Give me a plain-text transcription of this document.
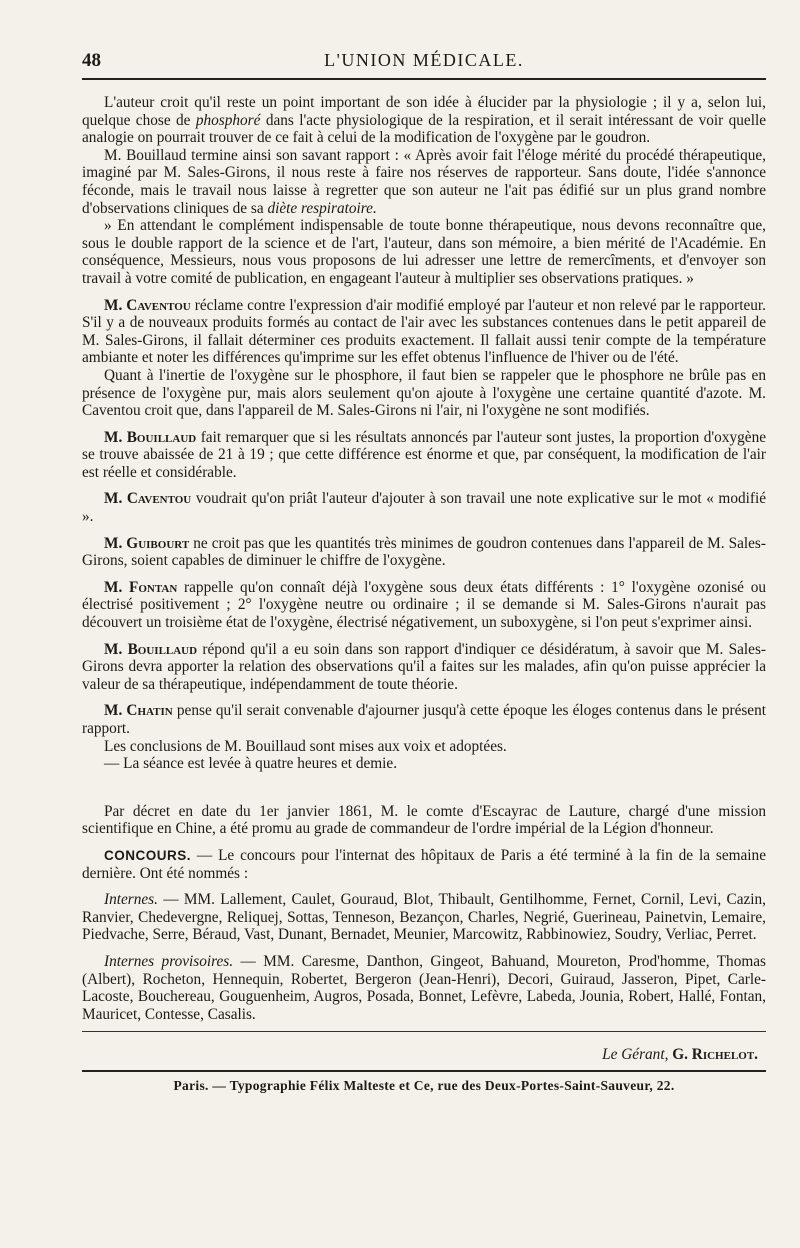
48	L'UNION MÉDICALE.

L'auteur croit qu'il reste un point important de son idée à élucider par la physiologie ; il y a, selon lui, quelque chose de phosphoré dans l'acte physiologique de la respiration, et il serait intéressant de voir quelle analogie on pourrait trouver de ce fait à celui de la modification de l'oxygène par le goudron.

M. Bouillaud termine ainsi son savant rapport : « Après avoir fait l'éloge mérité du procédé thérapeutique, imaginé par M. Sales-Girons, il nous reste à faire nos réserves de rapporteur. Sans doute, l'idée s'annonce féconde, mais le travail nous laisse à regretter que son auteur ne l'ait pas édifié sur un plus grand nombre d'observations cliniques de sa diète respiratoire.

» En attendant le complément indispensable de toute bonne thérapeutique, nous devons reconnaître que, sous le double rapport de la science et de l'art, l'auteur, dans son mémoire, a bien mérité de l'Académie. En conséquence, Messieurs, nous vous proposons de lui adresser une lettre de remercîments, et d'envoyer son travail à votre comité de publication, en engageant l'auteur à multiplier ses observations pratiques. »

M. Caventou réclame contre l'expression d'air modifié employé par l'auteur et non relevé par le rapporteur. S'il y a de nouveaux produits formés au contact de l'air avec les substances contenues dans le petit appareil de M. Sales-Girons, il fallait déterminer ces produits exactement. Il fallait aussi tenir compte de la température ambiante et noter les différences qu'imprime sur les effet obtenus l'influence de l'hiver ou de l'été.

Quant à l'inertie de l'oxygène sur le phosphore, il faut bien se rappeler que le phosphore ne brûle pas en présence de l'oxygène pur, mais alors seulement qu'on ajoute à l'oxygène une certaine quantité d'azote. M. Caventou croit que, dans l'appareil de M. Sales-Girons ni l'air, ni l'oxygène ne sont modifiés.

M. Bouillaud fait remarquer que si les résultats annoncés par l'auteur sont justes, la proportion d'oxygène se trouve abaissée de 21 à 19 ; que cette différence est énorme et que, par conséquent, la modification de l'air est réelle et considérable.

M. Caventou voudrait qu'on priât l'auteur d'ajouter à son travail une note explicative sur le mot « modifié ».

M. Guibourt ne croit pas que les quantités très minimes de goudron contenues dans l'appareil de M. Sales-Girons, soient capables de diminuer le chiffre de l'oxygène.

M. Fontan rappelle qu'on connaît déjà l'oxygène sous deux états différents : 1° l'oxygène ozonisé ou électrisé positivement ; 2° l'oxygène neutre ou ordinaire ; il se demande si M. Sales-Girons n'aurait pas découvert un troisième état de l'oxygène, électrisé négativement, un suboxygène, si l'on peut s'exprimer ainsi.

M. Bouillaud répond qu'il a eu soin dans son rapport d'indiquer ce désidératum, à savoir que M. Sales-Girons devra apporter la relation des observations qu'il a faites sur les malades, afin qu'on puisse apprécier la valeur de sa thérapeutique, indépendamment de toute théorie.

M. Chatin pense qu'il serait convenable d'ajourner jusqu'à cette époque les éloges contenus dans le présent rapport.

Les conclusions de M. Bouillaud sont mises aux voix et adoptées.

— La séance est levée à quatre heures et demie.

Par décret en date du 1er janvier 1861, M. le comte d'Escayrac de Lauture, chargé d'une mission scientifique en Chine, a été promu au grade de commandeur de l'ordre impérial de la Légion d'honneur.

CONCOURS. — Le concours pour l'internat des hôpitaux de Paris a été terminé à la fin de la semaine dernière. Ont été nommés :

Internes. — MM. Lallement, Caulet, Gouraud, Blot, Thibault, Gentilhomme, Fernet, Cornil, Levi, Cazin, Ranvier, Chedevergne, Reliquej, Sottas, Tenneson, Bezançon, Charles, Negrié, Guerineau, Painetvin, Lemaire, Piedvache, Serre, Béraud, Vast, Dunant, Bernadet, Meunier, Marcowitz, Rabbinowiez, Soudry, Verliac, Perret.

Internes provisoires. — MM. Caresme, Danthon, Gingeot, Bahuand, Moureton, Prod'homme, Thomas (Albert), Rocheton, Hennequin, Robertet, Bergeron (Jean-Henri), Decori, Guiraud, Jasseron, Pipet, Carle-Lacoste, Bouchereau, Gouguenheim, Augros, Posada, Bonnet, Lefèvre, Labeda, Jounia, Robert, Hallé, Fontan, Mauricet, Contesse, Casalis.

Le Gérant, G. Richelot.
Paris. — Typographie Félix Malteste et Ce, rue des Deux-Portes-Saint-Sauveur, 22.
